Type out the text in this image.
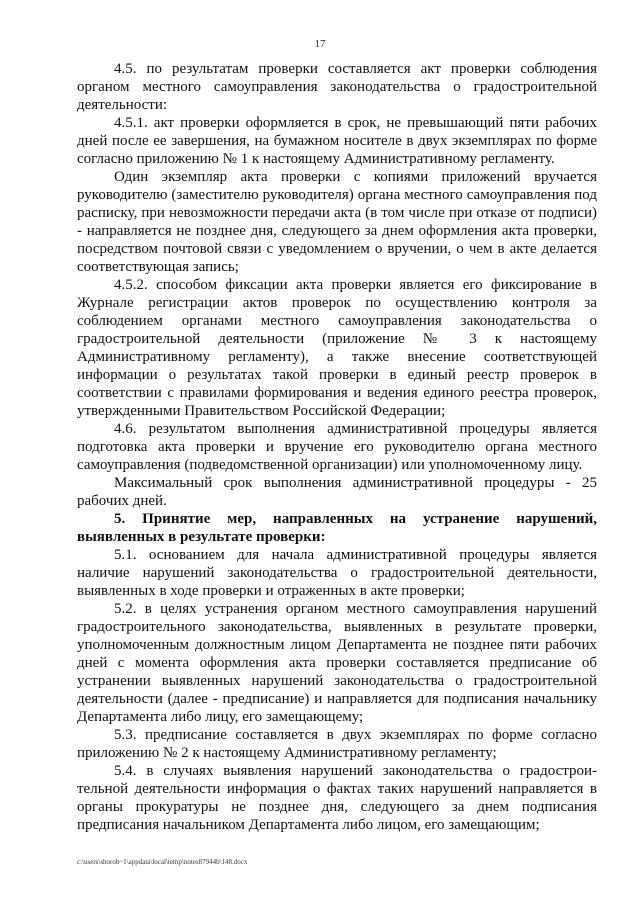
17

4.5. по результатам проверки составляется акт проверки соблюдения органом местного самоуправления законодательства о градостроительной деятельности:

4.5.1. акт проверки оформляется в срок, не превышающий пяти рабочих дней после ее завершения, на бумажном носителе в двух экземплярах по форме согласно приложению № 1 к настоящему Административному регламенту.

Один экземпляр акта проверки с копиями приложений вручается руководителю (заместителю руководителя) органа местного самоуправления под расписку, при невозможности передачи акта (в том числе при отказе от подписи) - направляется не позднее дня, следующего за днем оформления акта проверки, посредством почтовой связи с уведомлением о вручении, о чем в акте делается соответствующая запись;

4.5.2. способом фиксации акта проверки является его фиксирование в Журнале регистрации актов проверок по осуществлению контроля за соблюдением органами местного самоуправления законодательства о градостроительной деятельности (приложение № 3 к настоящему Административному регламенту), а также внесение соответствующей информации о результатах такой проверки в единый реестр проверок в соответствии с правилами формирования и ведения единого реестра проверок, утвержденными Правительством Российской Федерации;

4.6. результатом выполнения административной процедуры является подготовка акта проверки и вручение его руководителю органа местного самоуправления (подведомственной организации) или уполномоченному лицу.

Максимальный срок выполнения административной процедуры - 25 рабочих дней.

5. Принятие мер, направленных на устранение нарушений, выявленных в результате проверки:

5.1. основанием для начала административной процедуры является наличие нарушений законодательства о градостроительной деятельности, выявленных в ходе проверки и отраженных в акте проверки;

5.2. в целях устранения органом местного самоуправления нарушений градостроительного законодательства, выявленных в результате проверки, уполномоченным должностным лицом Департамента не позднее пяти рабочих дней с момента оформления акта проверки составляется предписание об устранении выявленных нарушений законодательства о градостроительной деятельности (далее - предписание) и направляется для подписания начальнику Департамента либо лицу, его замещающему;

5.3. предписание составляется в двух экземплярах по форме согласно приложению № 2 к настоящему Административному регламенту;

5.4. в случаях выявления нарушений законодательства о градострои-тельной деятельности информация о фактах таких нарушений направляется в органы прокуратуры не позднее дня, следующего за днем подписания предписания начальником Департамента либо лицом, его замещающим;

c:\users\shorob~1\appdata\local\temp\notes87944b\148.docx
